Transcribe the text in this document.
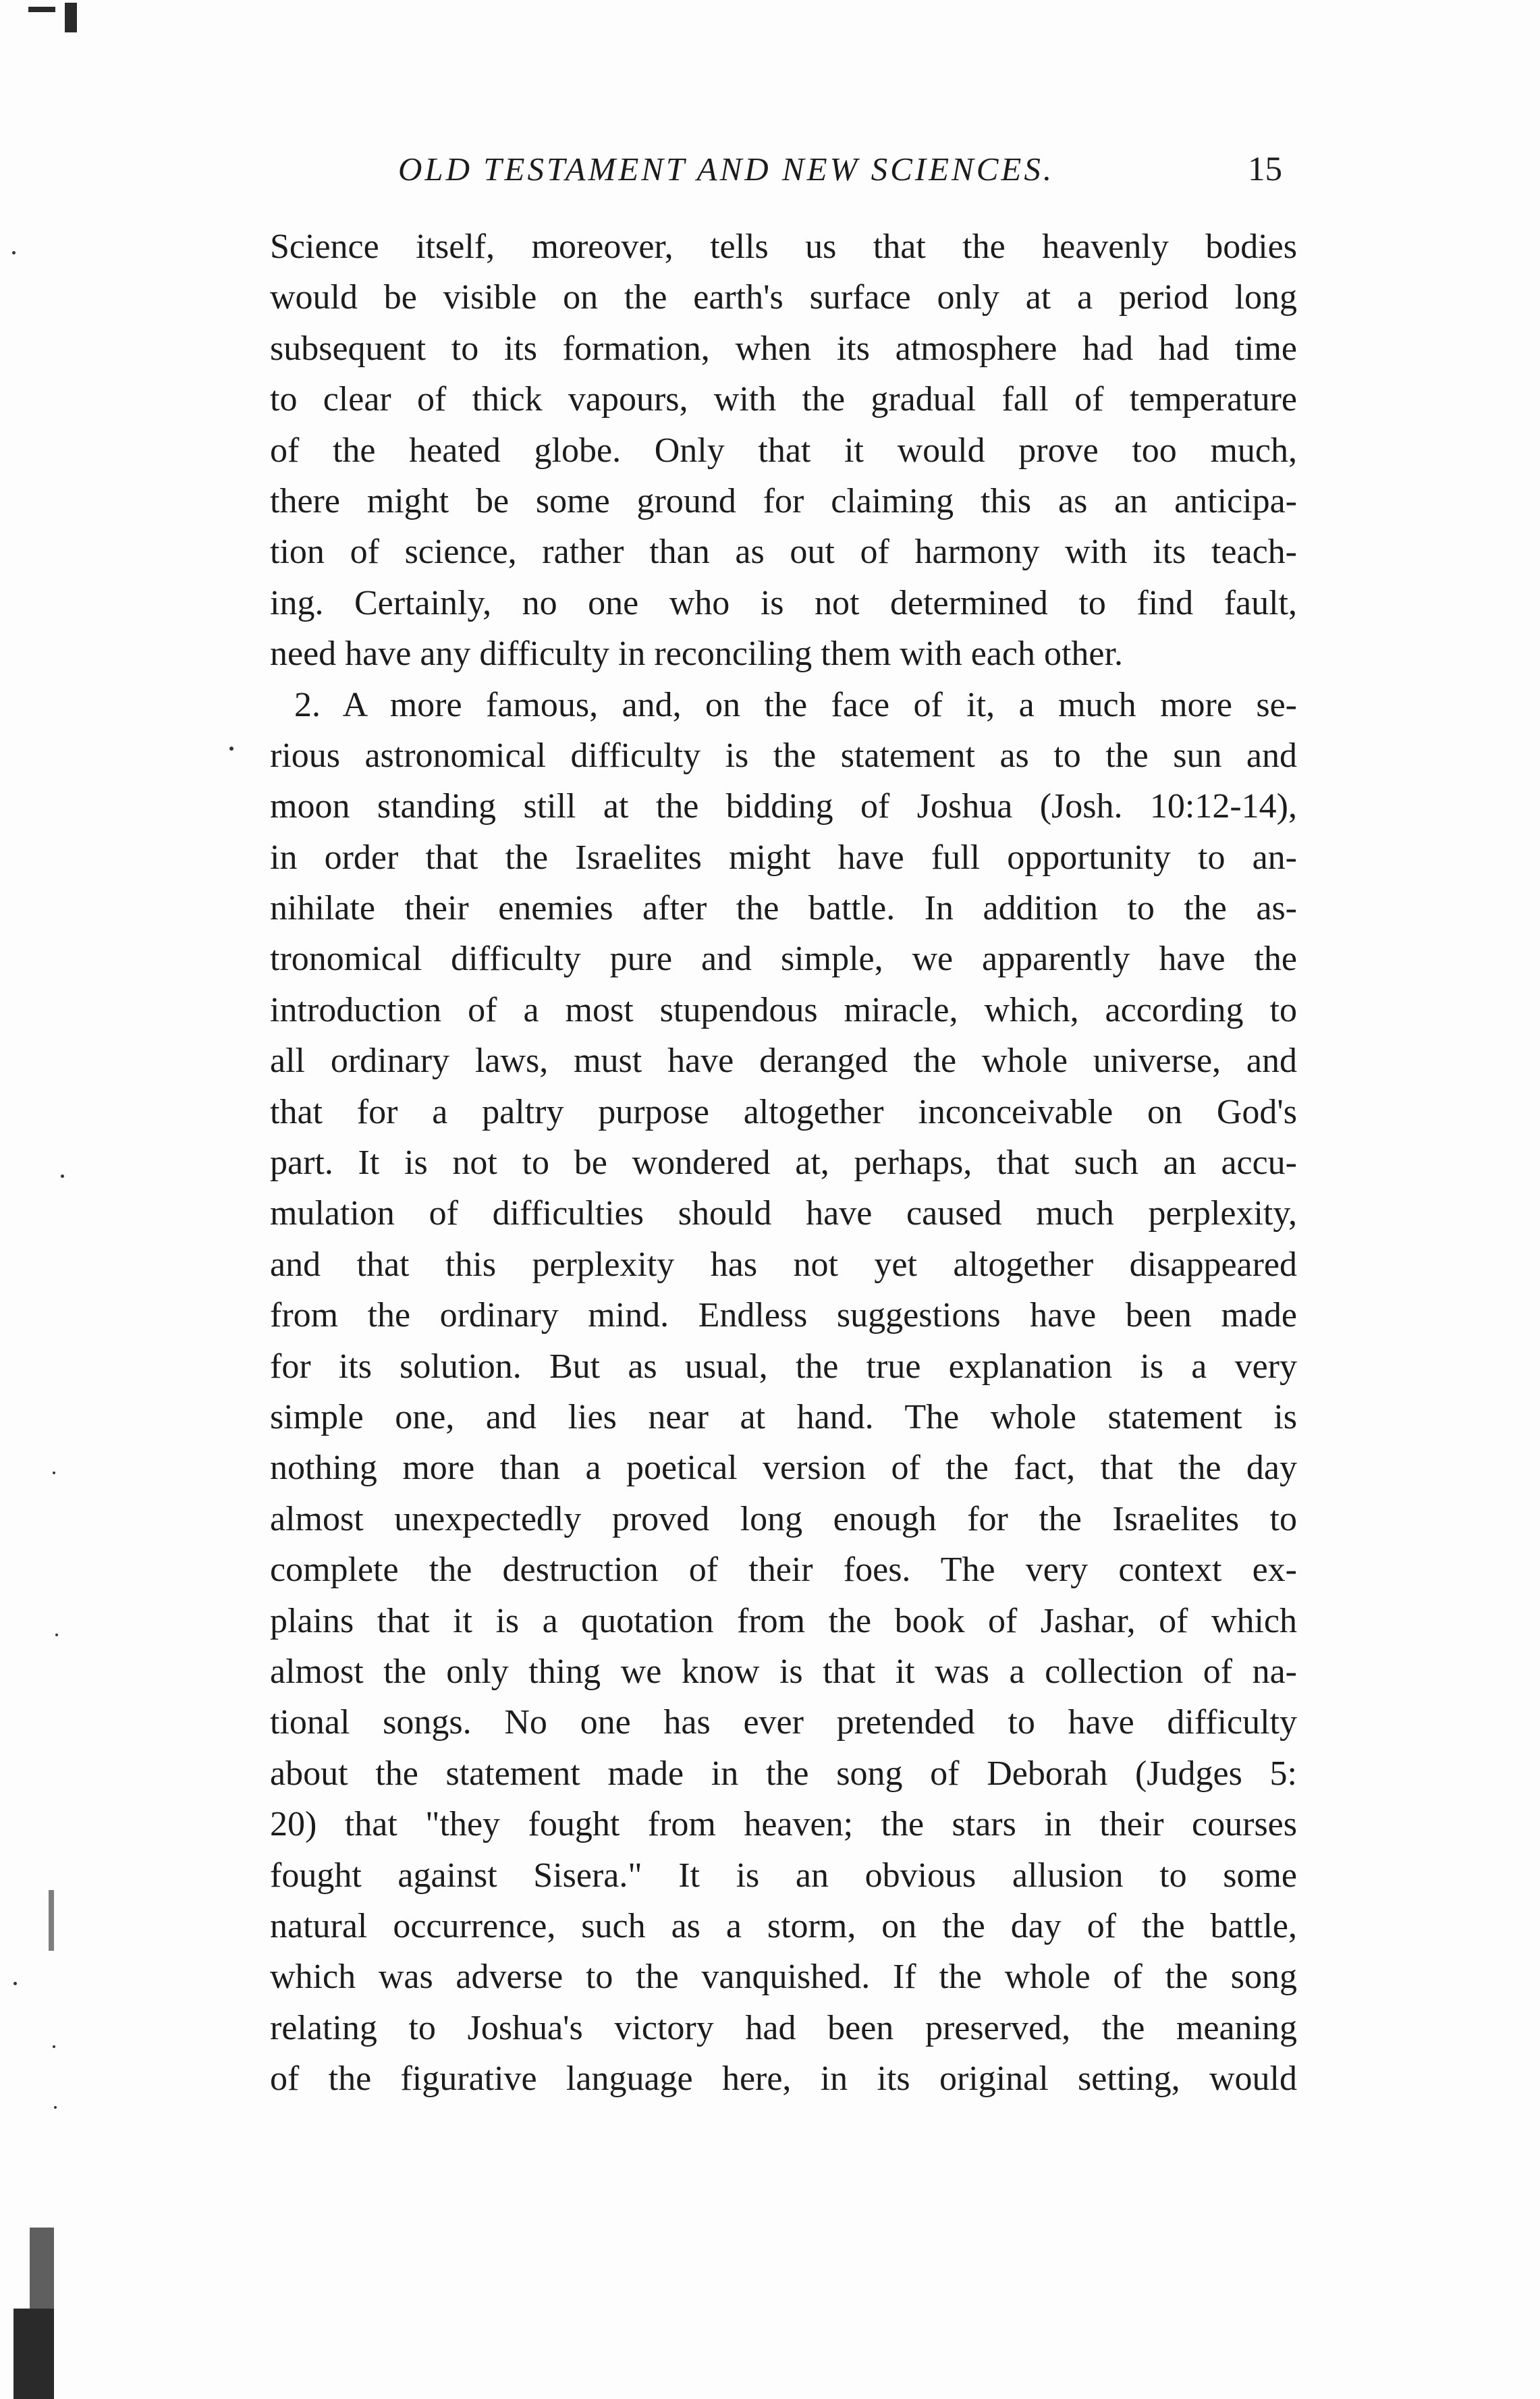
OLD TESTAMENT AND NEW SCIENCES.	15
Science itself, moreover, tells us that the heavenly bodies
would be visible on the earth's surface only at a period long
subsequent to its formation, when its atmosphere had had time
to clear of thick vapours, with the gradual fall of temperature
of the heated globe. Only that it would prove too much,
there might be some ground for claiming this as an anticipa-
tion of science, rather than as out of harmony with its teach-
ing. Certainly, no one who is not determined to find fault,
need have any difficulty in reconciling them with each other.
2. A more famous, and, on the face of it, a much more se-
rious astronomical difficulty is the statement as to the sun and
moon standing still at the bidding of Joshua (Josh. 10:12-14),
in order that the Israelites might have full opportunity to an-
nihilate their enemies after the battle. In addition to the as-
tronomical difficulty pure and simple, we apparently have the
introduction of a most stupendous miracle, which, according to
all ordinary laws, must have deranged the whole universe, and
that for a paltry purpose altogether inconceivable on God's
part. It is not to be wondered at, perhaps, that such an accu-
mulation of difficulties should have caused much perplexity,
and that this perplexity has not yet altogether disappeared
from the ordinary mind. Endless suggestions have been made
for its solution. But as usual, the true explanation is a very
simple one, and lies near at hand. The whole statement is
nothing more than a poetical version of the fact, that the day
almost unexpectedly proved long enough for the Israelites to
complete the destruction of their foes. The very context ex-
plains that it is a quotation from the book of Jashar, of which
almost the only thing we know is that it was a collection of na-
tional songs. No one has ever pretended to have difficulty
about the statement made in the song of Deborah (Judges 5:
20) that "they fought from heaven; the stars in their courses
fought against Sisera." It is an obvious allusion to some
natural occurrence, such as a storm, on the day of the battle,
which was adverse to the vanquished. If the whole of the song
relating to Joshua's victory had been preserved, the meaning
of the figurative language here, in its original setting, would
